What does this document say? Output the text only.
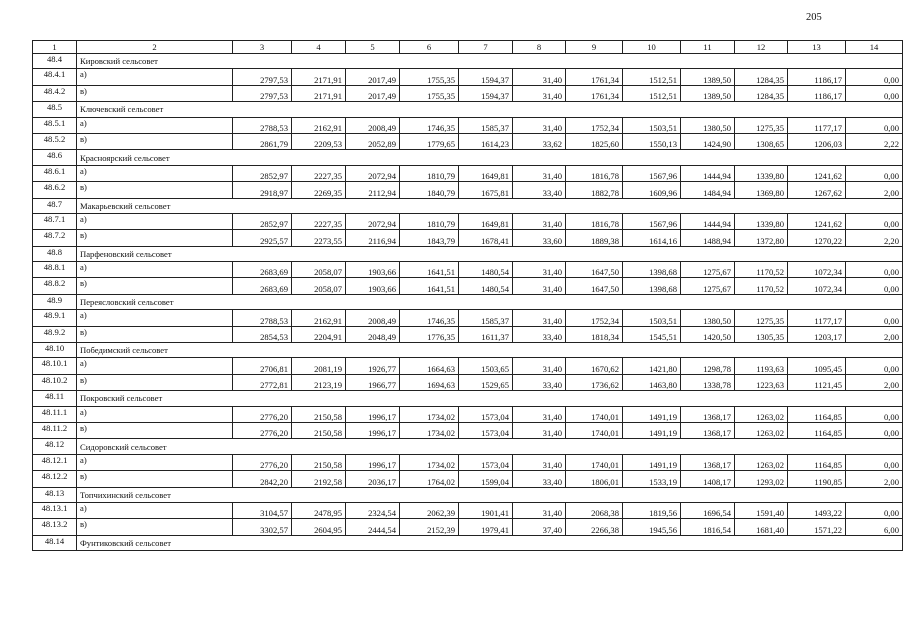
205
1	2	3	4	5	6	7	8	9	10	11	12	13	14
48.4	Кировский сельсовет												
48.4.1	а)	2797,53	2171,91	2017,49	1755,35	1594,37	31,40	1761,34	1512,51	1389,50	1284,35	1186,17	0,00
48.4.2	в)	2797,53	2171,91	2017,49	1755,35	1594,37	31,40	1761,34	1512,51	1389,50	1284,35	1186,17	0,00
48.5	Ключевский сельсовет												
48.5.1	а)	2788,53	2162,91	2008,49	1746,35	1585,37	31,40	1752,34	1503,51	1380,50	1275,35	1177,17	0,00
48.5.2	в)	2861,79	2209,53	2052,89	1779,65	1614,23	33,62	1825,60	1550,13	1424,90	1308,65	1206,03	2,22
48.6	Красноярский сельсовет												
48.6.1	а)	2852,97	2227,35	2072,94	1810,79	1649,81	31,40	1816,78	1567,96	1444,94	1339,80	1241,62	0,00
48.6.2	в)	2918,97	2269,35	2112,94	1840,79	1675,81	33,40	1882,78	1609,96	1484,94	1369,80	1267,62	2,00
48.7	Макарьевский сельсовет												
48.7.1	а)	2852,97	2227,35	2072,94	1810,79	1649,81	31,40	1816,78	1567,96	1444,94	1339,80	1241,62	0,00
48.7.2	в)	2925,57	2273,55	2116,94	1843,79	1678,41	33,60	1889,38	1614,16	1488,94	1372,80	1270,22	2,20
48.8	Парфеновский сельсовет												
48.8.1	а)	2683,69	2058,07	1903,66	1641,51	1480,54	31,40	1647,50	1398,68	1275,67	1170,52	1072,34	0,00
48.8.2	в)	2683,69	2058,07	1903,66	1641,51	1480,54	31,40	1647,50	1398,68	1275,67	1170,52	1072,34	0,00
48.9	Переясловский сельсовет												
48.9.1	а)	2788,53	2162,91	2008,49	1746,35	1585,37	31,40	1752,34	1503,51	1380,50	1275,35	1177,17	0,00
48.9.2	в)	2854,53	2204,91	2048,49	1776,35	1611,37	33,40	1818,34	1545,51	1420,50	1305,35	1203,17	2,00
48.10	Победимский сельсовет												
48.10.1	а)	2706,81	2081,19	1926,77	1664,63	1503,65	31,40	1670,62	1421,80	1298,78	1193,63	1095,45	0,00
48.10.2	в)	2772,81	2123,19	1966,77	1694,63	1529,65	33,40	1736,62	1463,80	1338,78	1223,63	1121,45	2,00
48.11	Покровский сельсовет												
48.11.1	а)	2776,20	2150,58	1996,17	1734,02	1573,04	31,40	1740,01	1491,19	1368,17	1263,02	1164,85	0,00
48.11.2	в)	2776,20	2150,58	1996,17	1734,02	1573,04	31,40	1740,01	1491,19	1368,17	1263,02	1164,85	0,00
48.12	Сидоровский сельсовет												
48.12.1	а)	2776,20	2150,58	1996,17	1734,02	1573,04	31,40	1740,01	1491,19	1368,17	1263,02	1164,85	0,00
48.12.2	в)	2842,20	2192,58	2036,17	1764,02	1599,04	33,40	1806,01	1533,19	1408,17	1293,02	1190,85	2,00
48.13	Топчихинский сельсовет												
48.13.1	а)	3104,57	2478,95	2324,54	2062,39	1901,41	31,40	2068,38	1819,56	1696,54	1591,40	1493,22	0,00
48.13.2	в)	3302,57	2604,95	2444,54	2152,39	1979,41	37,40	2266,38	1945,56	1816,54	1681,40	1571,22	6,00
48.14	Фунтиковский сельсовет												
